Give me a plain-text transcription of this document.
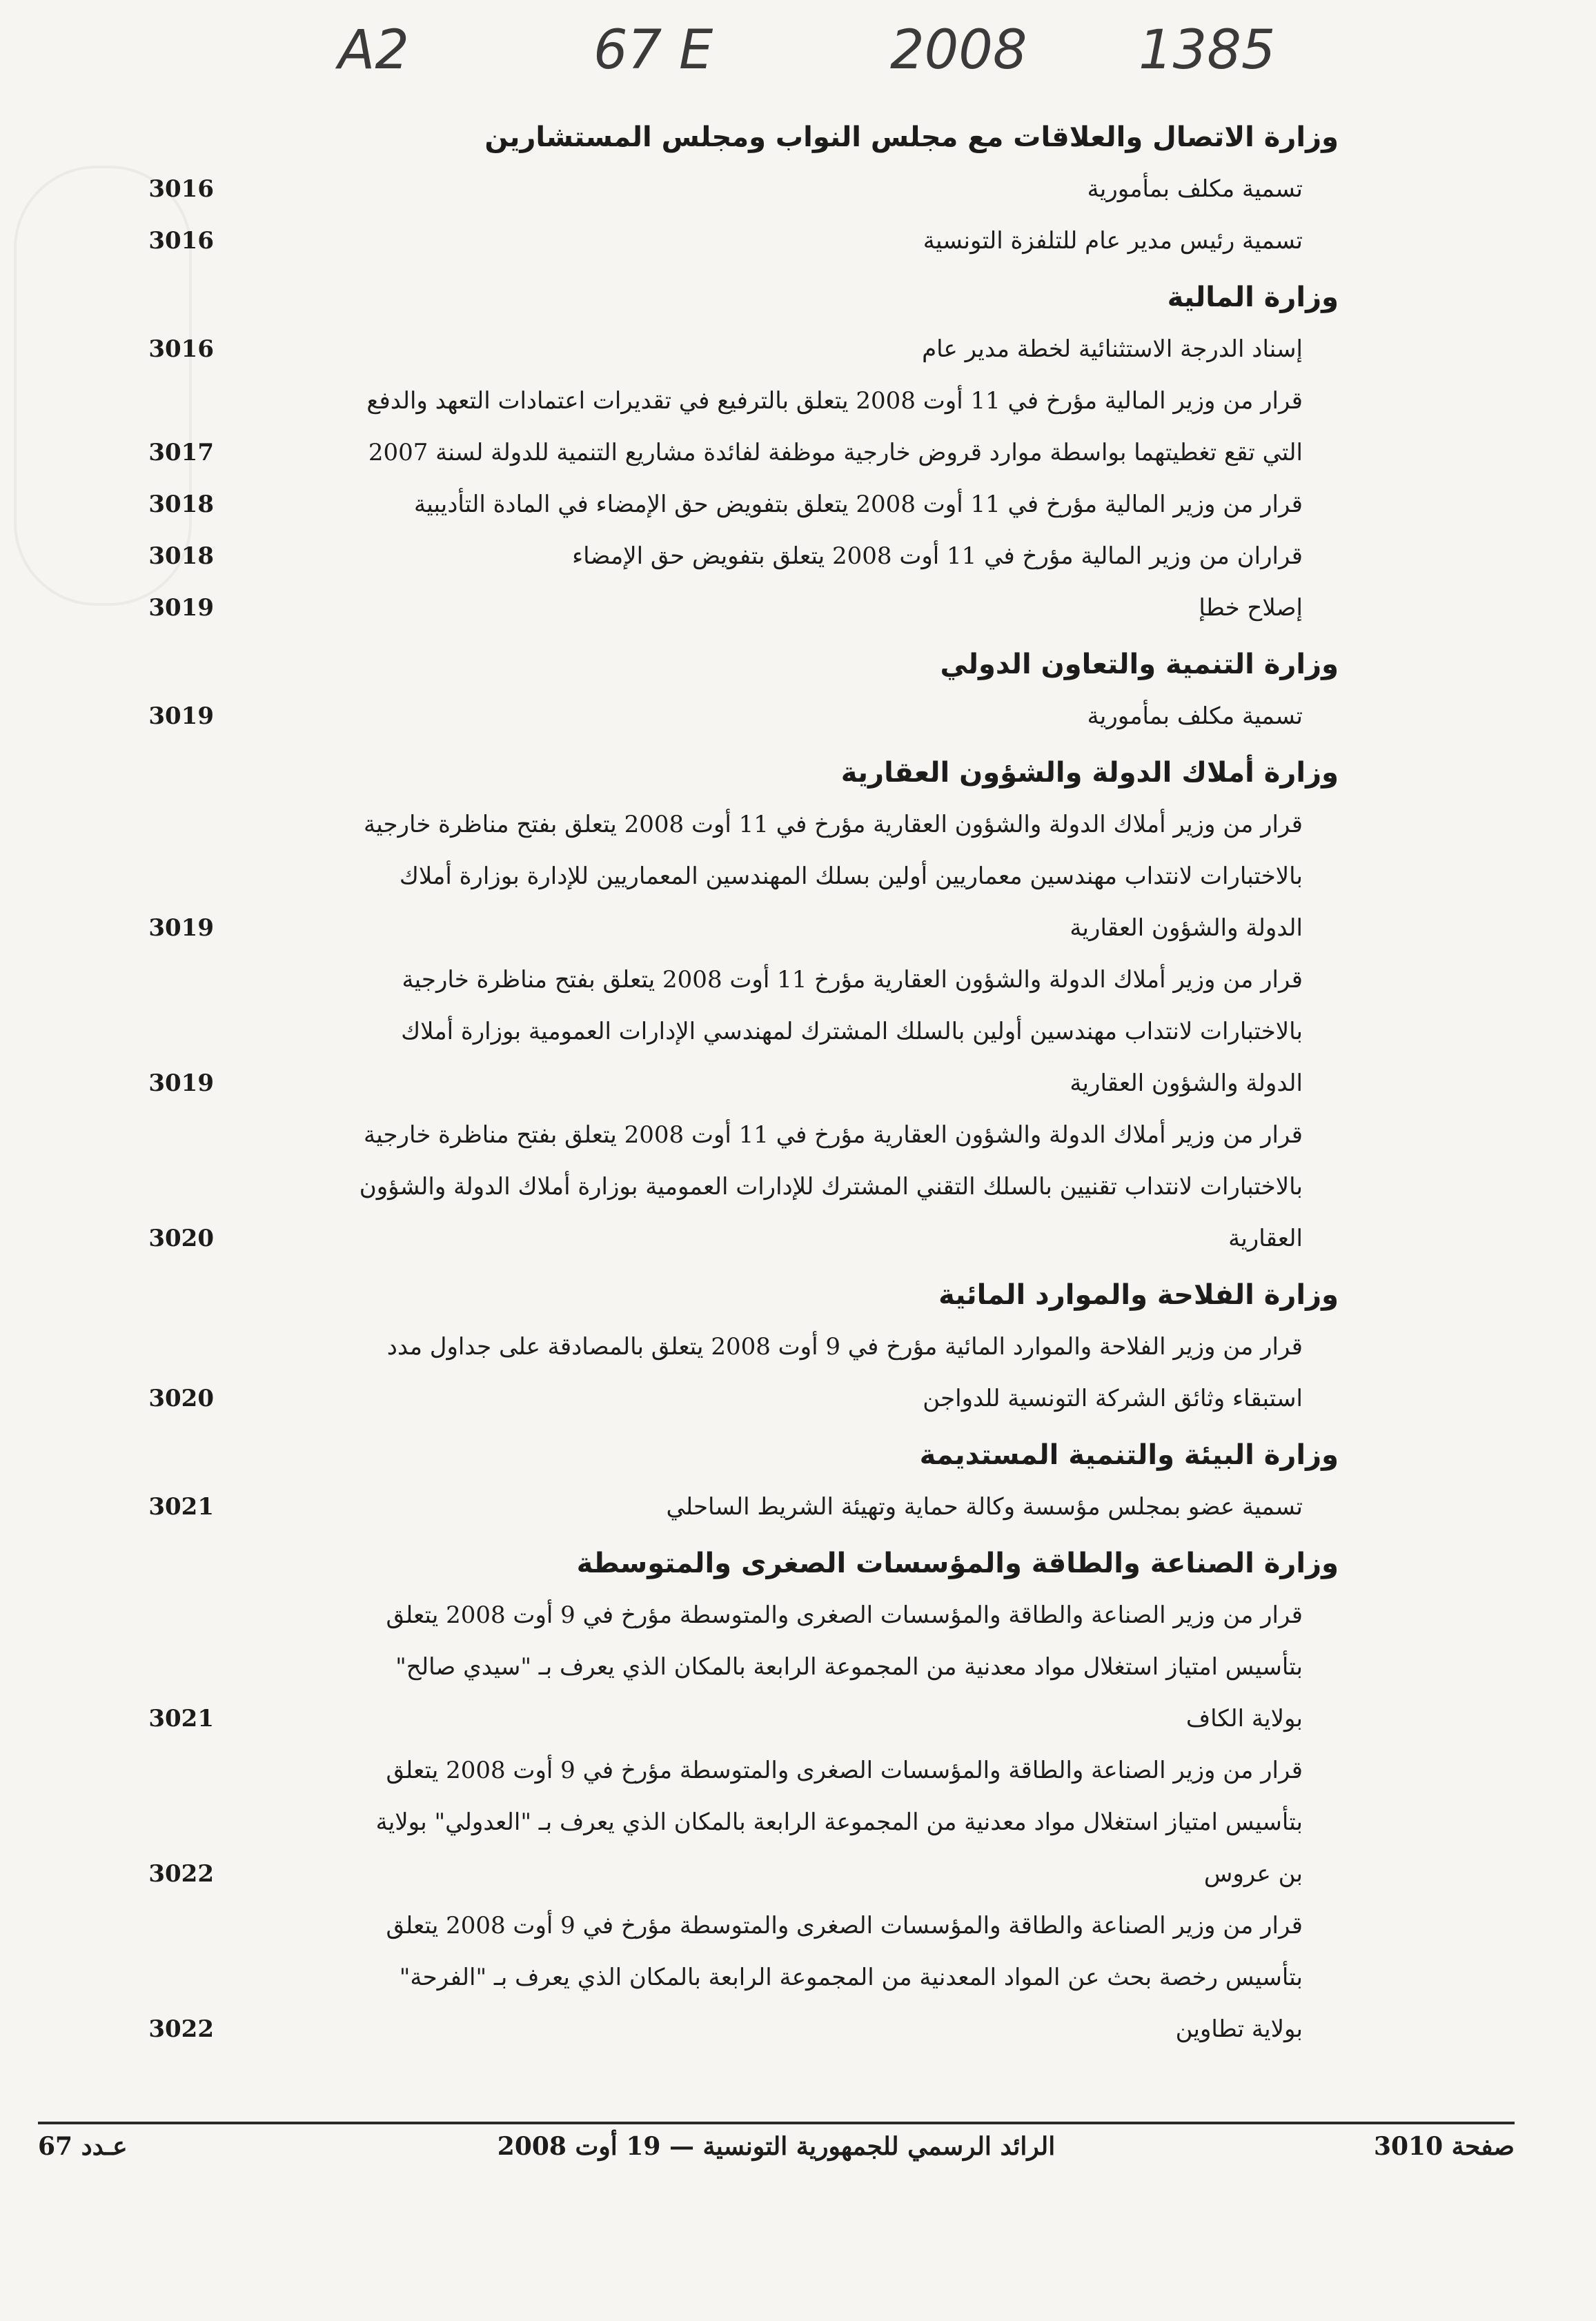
A2	67 E	2008 1385
وزارة الاتصال والعلاقات مع مجلس النواب ومجلس المستشارين
تسمية مكلف بمأمورية
.....
3016
تسمية رئيس مدير عام للتلفزة التونسية
.....
3016
وزارة المالية
إسناد الدرجة الاستثنائية لخطة مدير عام
.....
3016
قرار من وزير المالية مؤرخ في 11 أوت 2008 يتعلق بالترفيع في تقديرات اعتمادات التعهد والدفع
التي تقع تغطيتهما بواسطة موارد قروض خارجية موظفة لفائدة مشاريع التنمية للدولة لسنة 2007
.....
3017
قرار من وزير المالية مؤرخ في 11 أوت 2008 يتعلق بتفويض حق الإمضاء في المادة التأديبية
.....
3018
قراران من وزير المالية مؤرخ في 11 أوت 2008 يتعلق بتفويض حق الإمضاء
.....
3018
إصلاح خطإ
.....
3019
وزارة التنمية والتعاون الدولي
تسمية مكلف بمأمورية
.....
3019
وزارة أملاك الدولة والشؤون العقارية
قرار من وزير أملاك الدولة والشؤون العقارية مؤرخ في 11 أوت 2008 يتعلق بفتح مناظرة خارجية
بالاختبارات لانتداب مهندسين معماريين أولين بسلك المهندسين المعماريين للإدارة بوزارة أملاك
الدولة والشؤون العقارية
.....
3019
قرار من وزير أملاك الدولة والشؤون العقارية مؤرخ 11 أوت 2008 يتعلق بفتح مناظرة خارجية
بالاختبارات لانتداب مهندسين أولين بالسلك المشترك لمهندسي الإدارات العمومية بوزارة أملاك
الدولة والشؤون العقارية
.....
3019
قرار من وزير أملاك الدولة والشؤون العقارية مؤرخ في 11 أوت 2008 يتعلق بفتح مناظرة خارجية
بالاختبارات لانتداب تقنيين بالسلك التقني المشترك للإدارات العمومية بوزارة أملاك الدولة والشؤون
العقارية
.....
3020
وزارة الفلاحة والموارد المائية
قرار من وزير الفلاحة والموارد المائية مؤرخ في 9 أوت 2008 يتعلق بالمصادقة على جداول مدد
استبقاء وثائق الشركة التونسية للدواجن
.....
3020
وزارة البيئة والتنمية المستديمة
تسمية عضو بمجلس مؤسسة وكالة حماية وتهيئة الشريط الساحلي
.....
3021
وزارة الصناعة والطاقة والمؤسسات الصغرى والمتوسطة
قرار من وزير الصناعة والطاقة والمؤسسات الصغرى والمتوسطة مؤرخ في 9 أوت 2008 يتعلق
بتأسيس امتياز استغلال مواد معدنية من المجموعة الرابعة بالمكان الذي يعرف بـ "سيدي صالح"
بولاية الكاف
.....
3021
قرار من وزير الصناعة والطاقة والمؤسسات الصغرى والمتوسطة مؤرخ في 9 أوت 2008 يتعلق
بتأسيس امتياز استغلال مواد معدنية من المجموعة الرابعة بالمكان الذي يعرف بـ "العدولي" بولاية
بن عروس
.....
3022
قرار من وزير الصناعة والطاقة والمؤسسات الصغرى والمتوسطة مؤرخ في 9 أوت 2008 يتعلق
بتأسيس رخصة بحث عن المواد المعدنية من المجموعة الرابعة بالمكان الذي يعرف بـ "الفرحة"
بولاية تطاوين
.....
3022
صفحة 3010
الرائد الرسمي للجمهورية التونسية — 19 أوت 2008
عـدد 67
